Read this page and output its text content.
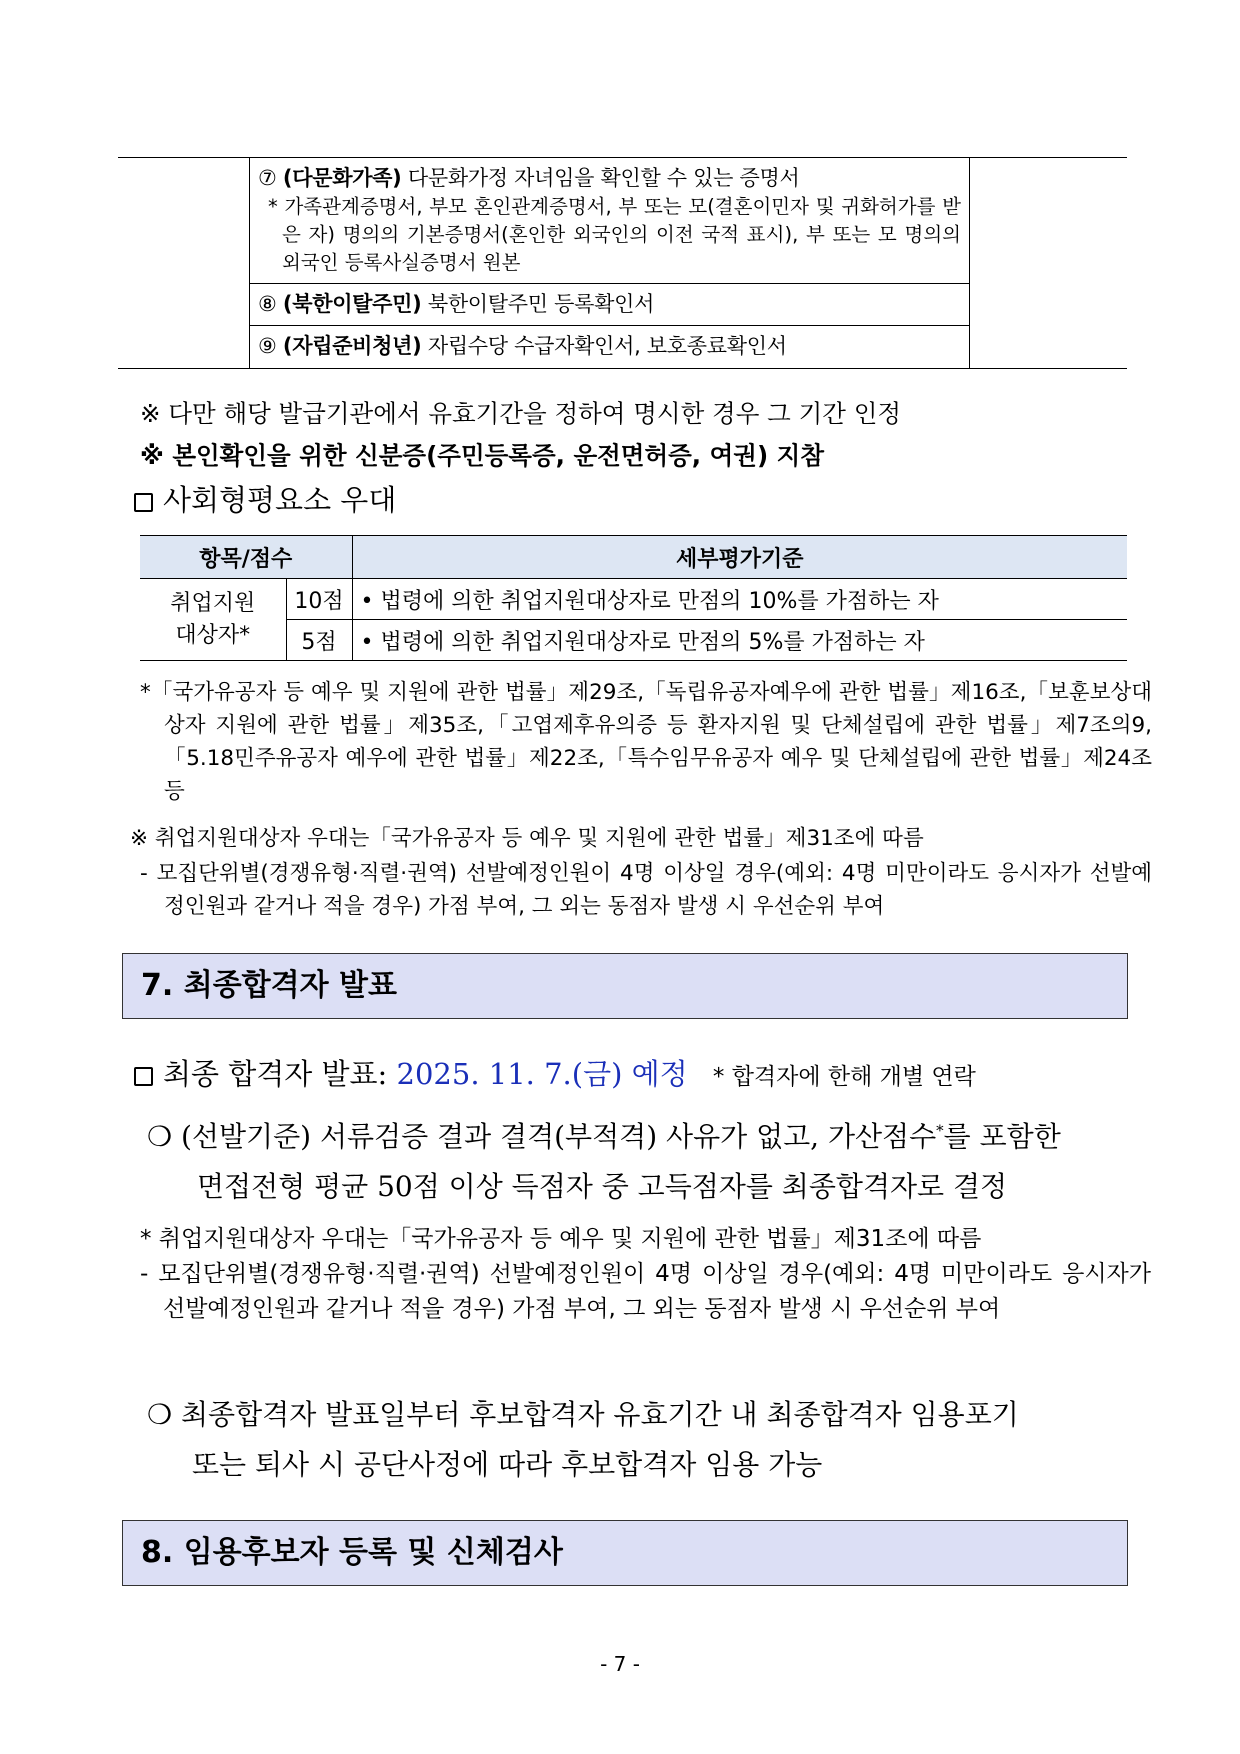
	⑦ (다문화가족) 다문화가정 자녀임을 확인할 수 있는 증명서
* 가족관계증명서, 부모 혼인관계증명서, 부 또는 모(결혼이민자 및 귀화허가를 받은 자) 명의의 기본증명서(혼인한 외국인의 이전 국적 표시), 부 또는 모 명의의 외국인 등록사실증명서 원본	

	⑧ (북한이탈주민) 북한이탈주민 등록확인서	

	⑨ (자립준비청년) 자립수당 수급자확인서, 보호종료확인서	

※ 다만 해당 발급기관에서 유효기간을 정하여 명시한 경우 그 기간 인정
※ 본인확인을 위한 신분증(주민등록증, 운전면허증, 여권) 지참
사회형평요소 우대
항목/점수		세부평가기준

취업지원
대상자*	10점	• 법령에 의한 취업지원대상자로 만점의 10%를 가점하는 자
	5점	• 법령에 의한 취업지원대상자로 만점의 5%를 가점하는 자
*「국가유공자 등 예우 및 지원에 관한 법률」제29조,「독립유공자예우에 관한 법률」제16조,「보훈보상대상자 지원에 관한 법률」제35조,「고엽제후유의증 등 환자지원 및 단체설립에 관한 법률」제7조의9,「5.18민주유공자 예우에 관한 법률」제22조,「특수임무유공자 예우 및 단체설립에 관한 법률」제24조 등
※ 취업지원대상자 우대는「국가유공자 등 예우 및 지원에 관한 법률」제31조에 따름
- 모집단위별(경쟁유형·직렬·권역) 선발예정인원이 4명 이상일 경우(예외: 4명 미만이라도 응시자가 선발예정인원과 같거나 적을 경우) 가점 부여, 그 외는 동점자 발생 시 우선순위 부여
7. 최종합격자 발표
최종 합격자 발표: 2025. 11. 7.(금) 예정 * 합격자에 한해 개별 연락
❍ (선발기준) 서류검증 결과 결격(부적격) 사유가 없고, 가산점수*를 포함한
면접전형 평균 50점 이상 득점자 중 고득점자를 최종합격자로 결정
* 취업지원대상자 우대는「국가유공자 등 예우 및 지원에 관한 법률」제31조에 따름
- 모집단위별(경쟁유형·직렬·권역) 선발예정인원이 4명 이상일 경우(예외: 4명 미만이라도 응시자가 선발예정인원과 같거나 적을 경우) 가점 부여, 그 외는 동점자 발생 시 우선순위 부여
❍ 최종합격자 발표일부터 후보합격자 유효기간 내 최종합격자 임용포기
또는 퇴사 시 공단사정에 따라 후보합격자 임용 가능
8. 임용후보자 등록 및 신체검사
- 7 -
